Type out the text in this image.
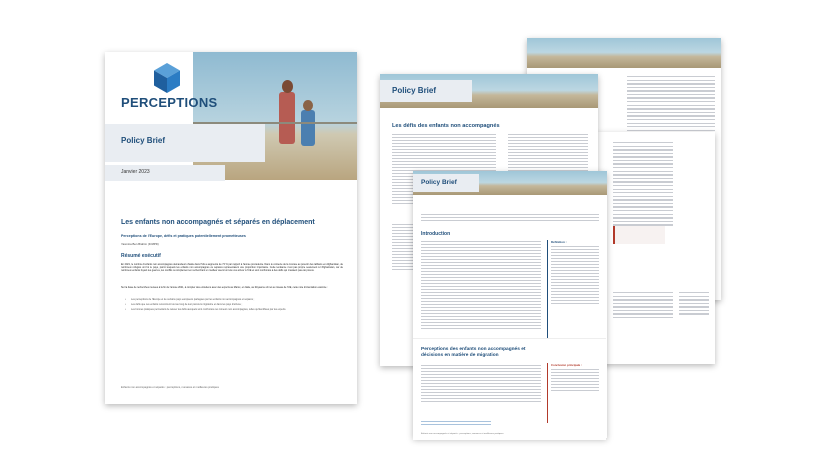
Policy Brief
Les défis des enfants non accompagnés
Policy Brief
Introduction
Définition :
Perceptions des enfants non accompagnés et décisions en matière de migration
Conclusion principale :
Enfants non accompagnés et séparés : perceptions, menaces et meilleures pratiques
PERCEPTIONS
Policy Brief
Janvier 2023
Les enfants non accompagnés et séparés en déplacement
Perceptions de l'Europe, défis et pratiques potentiellement prometteuses
Yasmina Ben Brahim (ICMPD)
Résumé exécutif
En 2021, le nombre d'enfants non accompagnés demandeurs d'asile dans l'UE a augmenté de 72 % par rapport à l'année précédente. Dans le contexte de la montée au pouvoir des talibans en Afghanistan, de nombreux réfugiés ont fui le pays, parmi lesquels les enfants non accompagnés ou séparés représentaient une proportion importante. Cette tendance n'est pas propre seulement à l'Afghanistan, car de nombreux enfants fuyant les guerres, les conflits ou simplement en recherchant un meilleur avenir ont été vus arriver à l'UE et sont confrontés à des défis qui n'avaient pas été prévus.
Sur la base de recherches menées à la fin de l'année 2021, à compter des entretiens avec des experts au Maroc, en Italie, au Royaume-Uni et au niveau de l'UE, cette note d'orientation examine :
• Les perceptions de l'Europe et de certains pays européens partagées par les enfants non accompagnés et séparés ;
• Les défis que ces enfants rencontrent tout au long de leur parcours migratoire et dans les pays d'arrivée ;
• Les bonnes pratiques permettant de relever les défis auxquels sont confrontés ces mineurs non accompagnés, telles qu'identifiées par les experts.
Enfants non accompagnés et séparés : perceptions, menaces et meilleures pratiques
